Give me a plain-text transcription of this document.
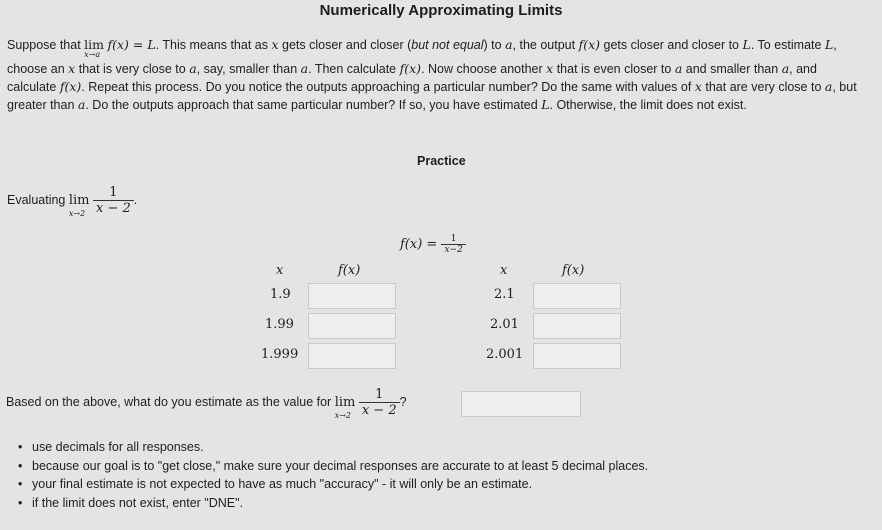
Numerically Approximating Limits
Suppose that lim
x→a
f(x) = L. This means that as x gets closer and closer (but not equal) to a, the output f(x) gets closer and closer to L. To estimate L, choose an x that is very close to a, say, smaller than a. Then calculate f(x). Now choose another x that is even closer to a and smaller than a, and calculate f(x). Repeat this process. Do you notice the outputs approaching a particular number? Do the same with values of x that are very close to a, but greater than a. Do the outputs approach that same particular number? If so, you have estimated L. Otherwise, the limit does not exist.
Practice
Evaluating lim
x→2
$\frac{1}{x - 2}$ .
$f(x) = \frac{1}{x-2}$
x	f(x)
1.9
1.99
1.999
x	f(x)
2.1
2.01
2.001
Based on the above, what do you estimate as the value for lim
x→2
$\frac{1}{x - 2}$ ?
• use decimals for all responses.
• because our goal is to "get close," make sure your decimal responses are accurate to at least 5 decimal places.
• your final estimate is not expected to have as much "accuracy" - it will only be an estimate.
• if the limit does not exist, enter "DNE".
